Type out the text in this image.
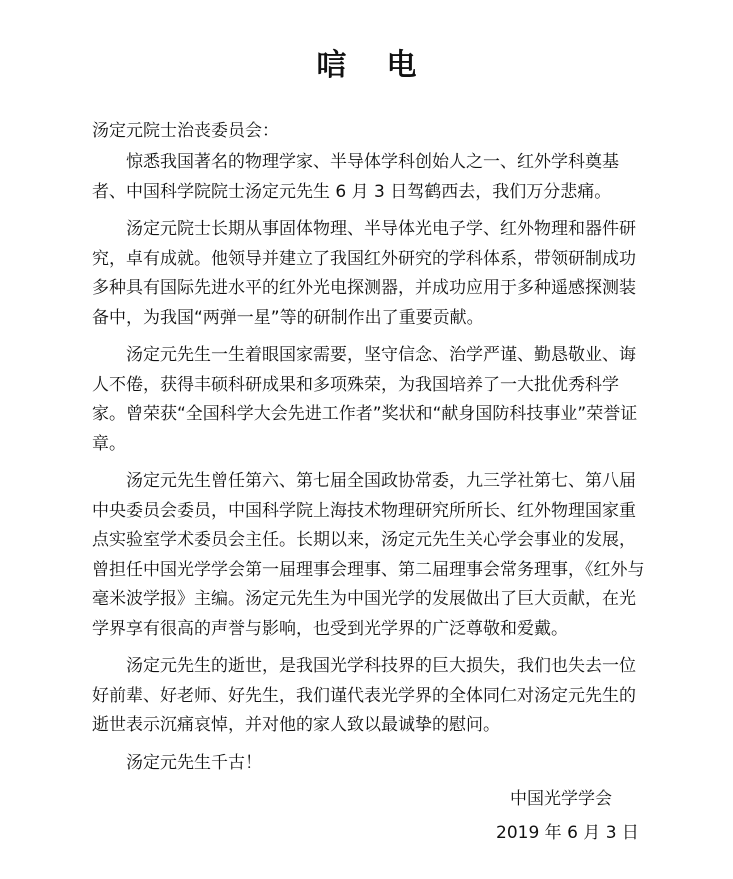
唁 电
汤定元院士治丧委员会：

惊悉我国著名的物理学家、半导体学科创始人之一、红外学科奠基者、中国科学院院士汤定元先生 6 月 3 日驾鹤西去，我们万分悲痛。

汤定元院士长期从事固体物理、半导体光电子学、红外物理和器件研究，卓有成就。他领导并建立了我国红外研究的学科体系，带领研制成功多种具有国际先进水平的红外光电探测器，并成功应用于多种遥感探测装备中，为我国“两弹一星”等的研制作出了重要贡献。

汤定元先生一生着眼国家需要，坚守信念、治学严谨、勤恳敬业、诲人不倦，获得丰硕科研成果和多项殊荣，为我国培养了一大批优秀科学家。曾荣获“全国科学大会先进工作者”奖状和“献身国防科技事业”荣誉证章。

汤定元先生曾任第六、第七届全国政协常委，九三学社第七、第八届中央委员会委员，中国科学院上海技术物理研究所所长、红外物理国家重点实验室学术委员会主任。长期以来，汤定元先生关心学会事业的发展，曾担任中国光学学会第一届理事会理事、第二届理事会常务理事，《红外与毫米波学报》主编。汤定元先生为中国光学的发展做出了巨大贡献，在光学界享有很高的声誉与影响，也受到光学界的广泛尊敬和爱戴。

汤定元先生的逝世，是我国光学科技界的巨大损失，我们也失去一位好前辈、好老师、好先生，我们谨代表光学界的全体同仁对汤定元先生的逝世表示沉痛哀悼，并对他的家人致以最诚挚的慰问。

汤定元先生千古！

中国光学学会
2019 年 6 月 3 日
